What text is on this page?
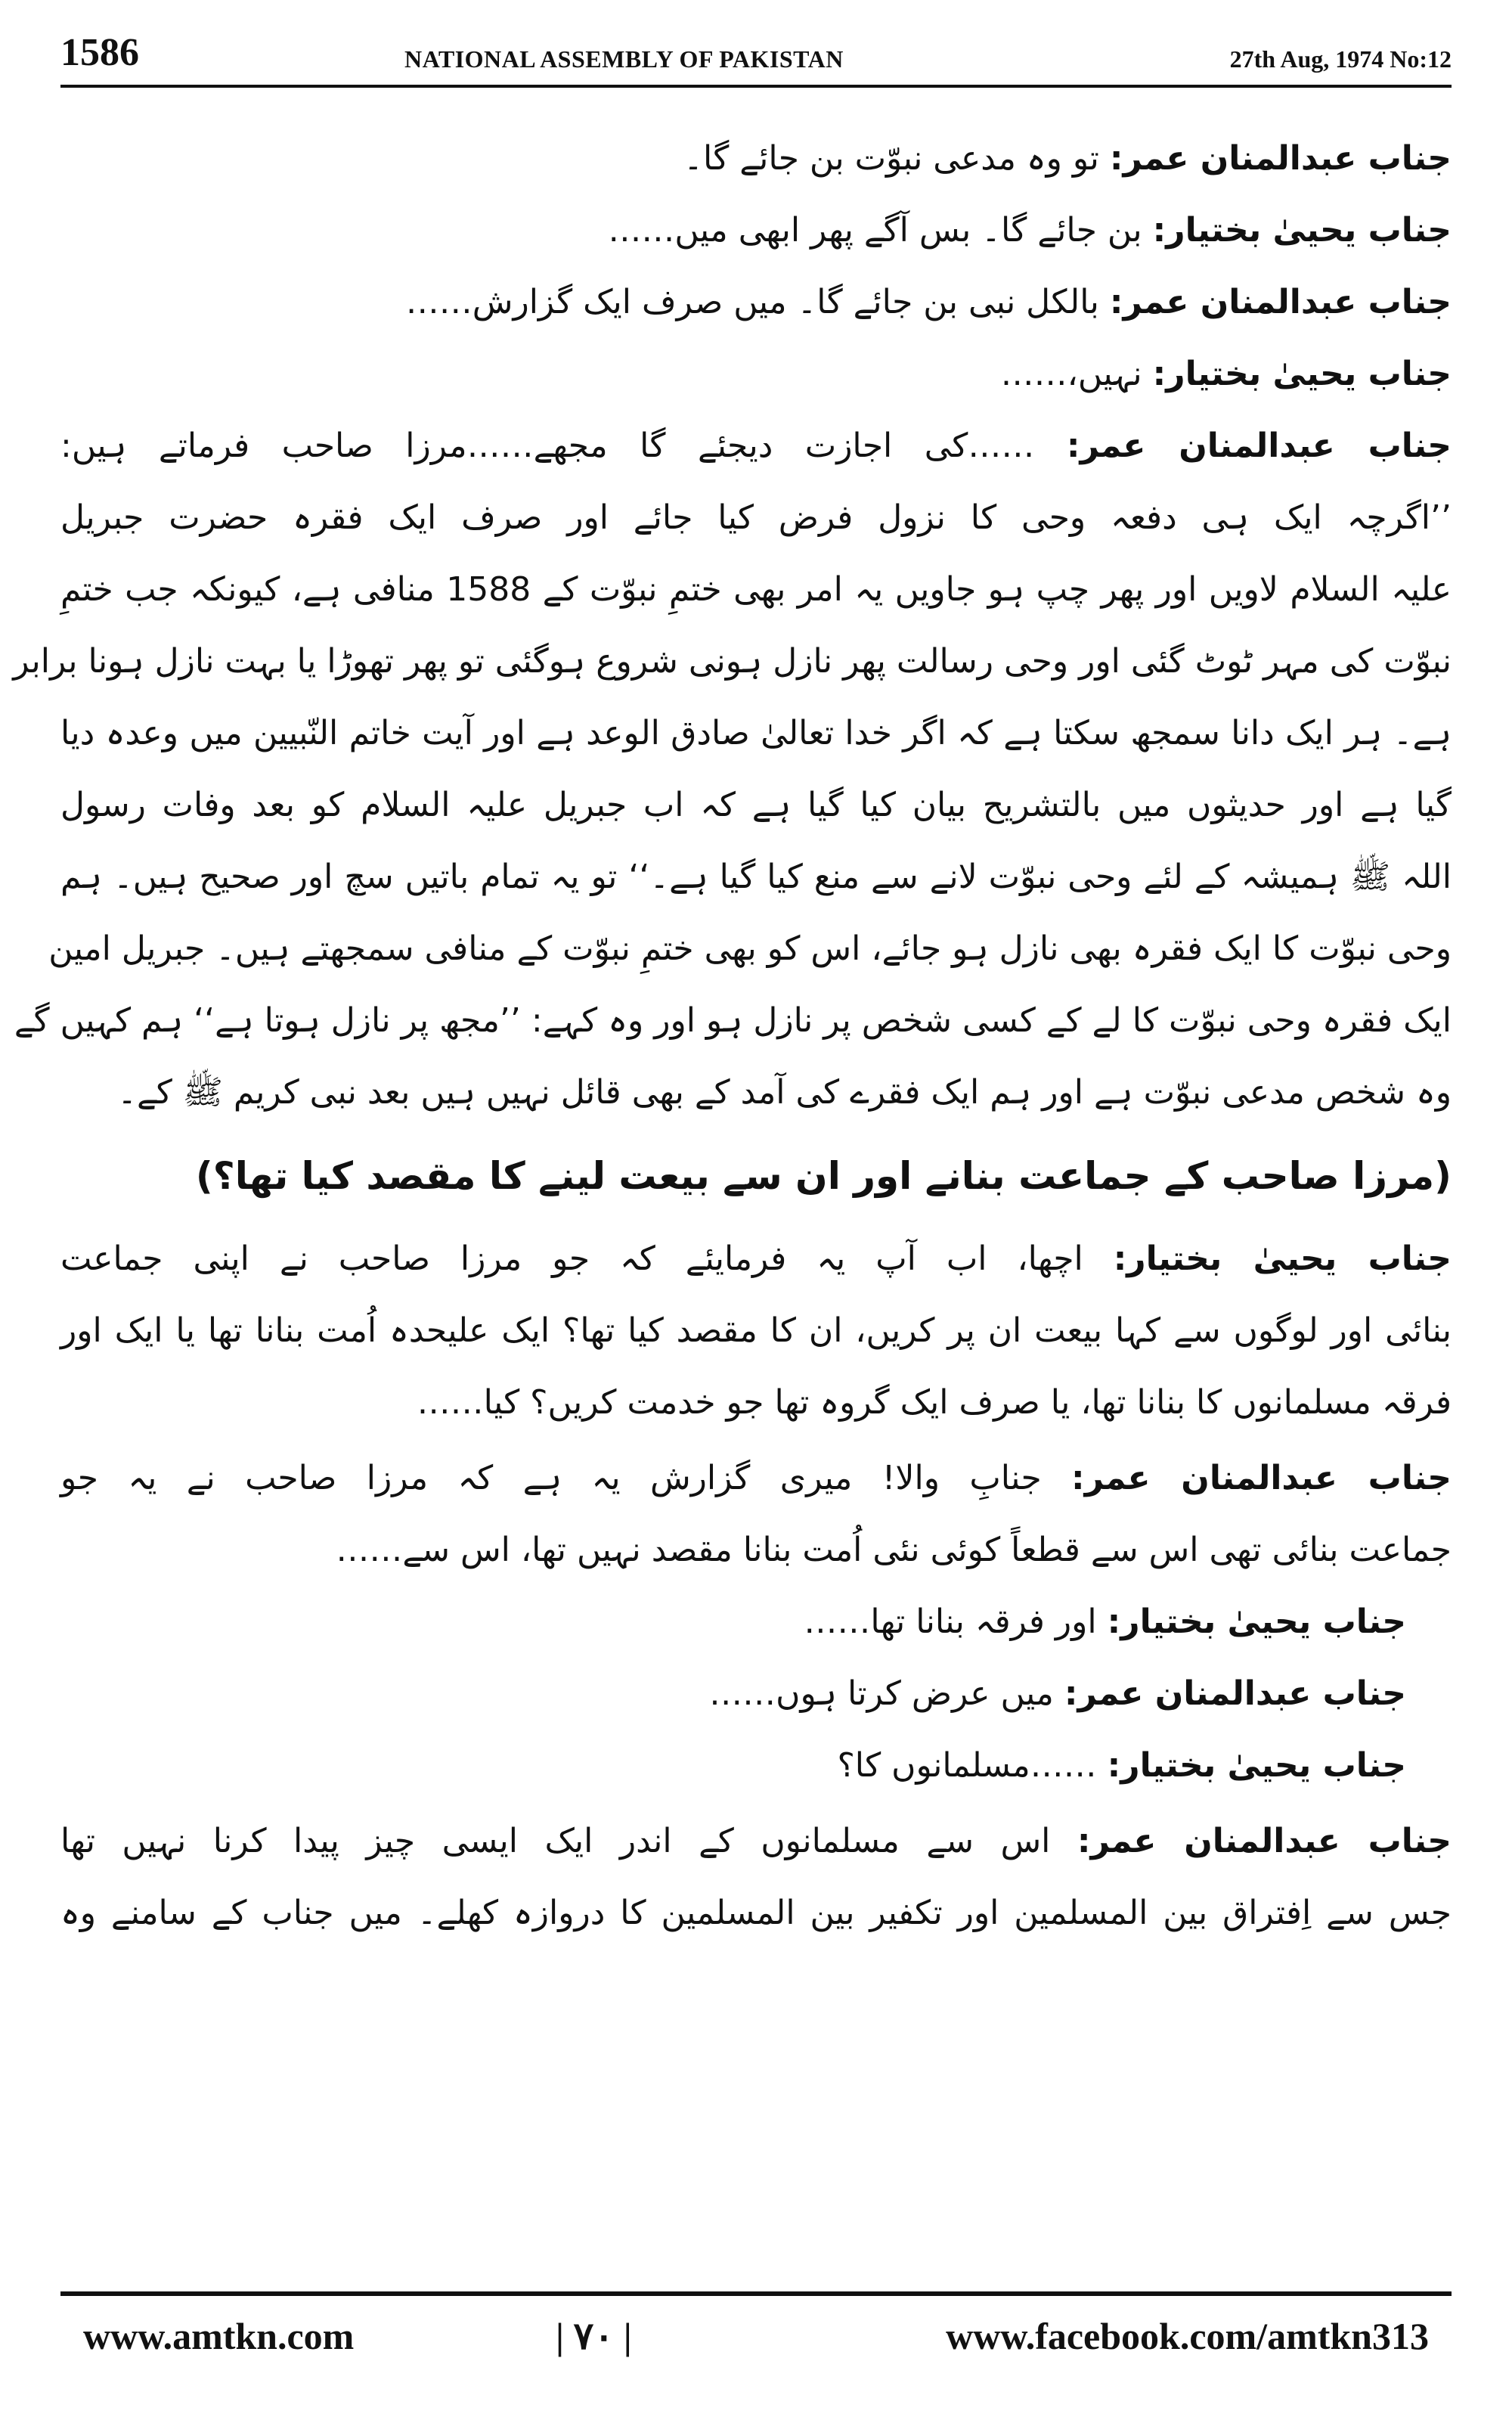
1586	NATIONAL ASSEMBLY OF PAKISTAN	27th Aug, 1974 No:12
جناب عبدالمنان عمر: تو وہ مدعی نبوّت بن جائے گا۔
جناب یحییٰ بختیار: بن جائے گا۔ بس آگے پھر ابھی میں……
جناب عبدالمنان عمر: بالکل نبی بن جائے گا۔ میں صرف ایک گزارش……
جناب یحییٰ بختیار: نہیں،……
جناب عبدالمنان عمر: ……کی اجازت دیجئے گا مجھے……مرزا صاحب فرماتے ہیں:
’’اگرچہ ایک ہی دفعہ وحی کا نزول فرض کیا جائے اور صرف ایک فقرہ حضرت جبریل
علیہ السلام لاویں اور پھر چپ ہو جاویں یہ امر بھی ختمِ نبوّت کے 1588 منافی ہے، کیونکہ جب ختمِ
نبوّت کی مہر ٹوٹ گئی اور وحی رسالت پھر نازل ہونی شروع ہوگئی تو پھر تھوڑا یا بہت نازل ہونا برابر
ہے۔ ہر ایک دانا سمجھ سکتا ہے کہ اگر خدا تعالیٰ صادق الوعد ہے اور آیت خاتم النّبیین میں وعدہ دیا
گیا ہے اور حدیثوں میں بالتشریح بیان کیا گیا ہے کہ اب جبریل علیہ السلام کو بعد وفات رسول
اللہ ﷺ ہمیشہ کے لئے وحی نبوّت لانے سے منع کیا گیا ہے۔‘‘ تو یہ تمام باتیں سچ اور صحیح ہیں۔ ہم
وحی نبوّت کا ایک فقرہ بھی نازل ہو جائے، اس کو بھی ختمِ نبوّت کے منافی سمجھتے ہیں۔ جبریل امین
ایک فقرہ وحی نبوّت کا لے کے کسی شخص پر نازل ہو اور وہ کہے: ’’مجھ پر نازل ہوتا ہے‘‘ ہم کہیں گے
وہ شخص مدعی نبوّت ہے اور ہم ایک فقرے کی آمد کے بھی قائل نہیں ہیں بعد نبی کریم ﷺ کے۔
(مرزا صاحب کے جماعت بنانے اور ان سے بیعت لینے کا مقصد کیا تھا؟)
جناب یحییٰ بختیار: اچھا، اب آپ یہ فرمایئے کہ جو مرزا صاحب نے اپنی جماعت
بنائی اور لوگوں سے کہا بیعت ان پر کریں، ان کا مقصد کیا تھا؟ ایک علیحدہ اُمت بنانا تھا یا ایک اور
فرقہ مسلمانوں کا بنانا تھا، یا صرف ایک گروہ تھا جو خدمت کریں؟ کیا……
جناب عبدالمنان عمر: جنابِ والا! میری گزارش یہ ہے کہ مرزا صاحب نے یہ جو
جماعت بنائی تھی اس سے قطعاً کوئی نئی اُمت بنانا مقصد نہیں تھا، اس سے……
جناب یحییٰ بختیار: اور فرقہ بنانا تھا……
جناب عبدالمنان عمر: میں عرض کرتا ہوں……
جناب یحییٰ بختیار: ……مسلمانوں کا؟
جناب عبدالمنان عمر: اس سے مسلمانوں کے اندر ایک ایسی چیز پیدا کرنا نہیں تھا
جس سے اِفتراق بین المسلمین اور تکفیر بین المسلمین کا دروازہ کھلے۔ میں جناب کے سامنے وہ
www.amtkn.com	| ۷۰ |	www.facebook.com/amtkn313
